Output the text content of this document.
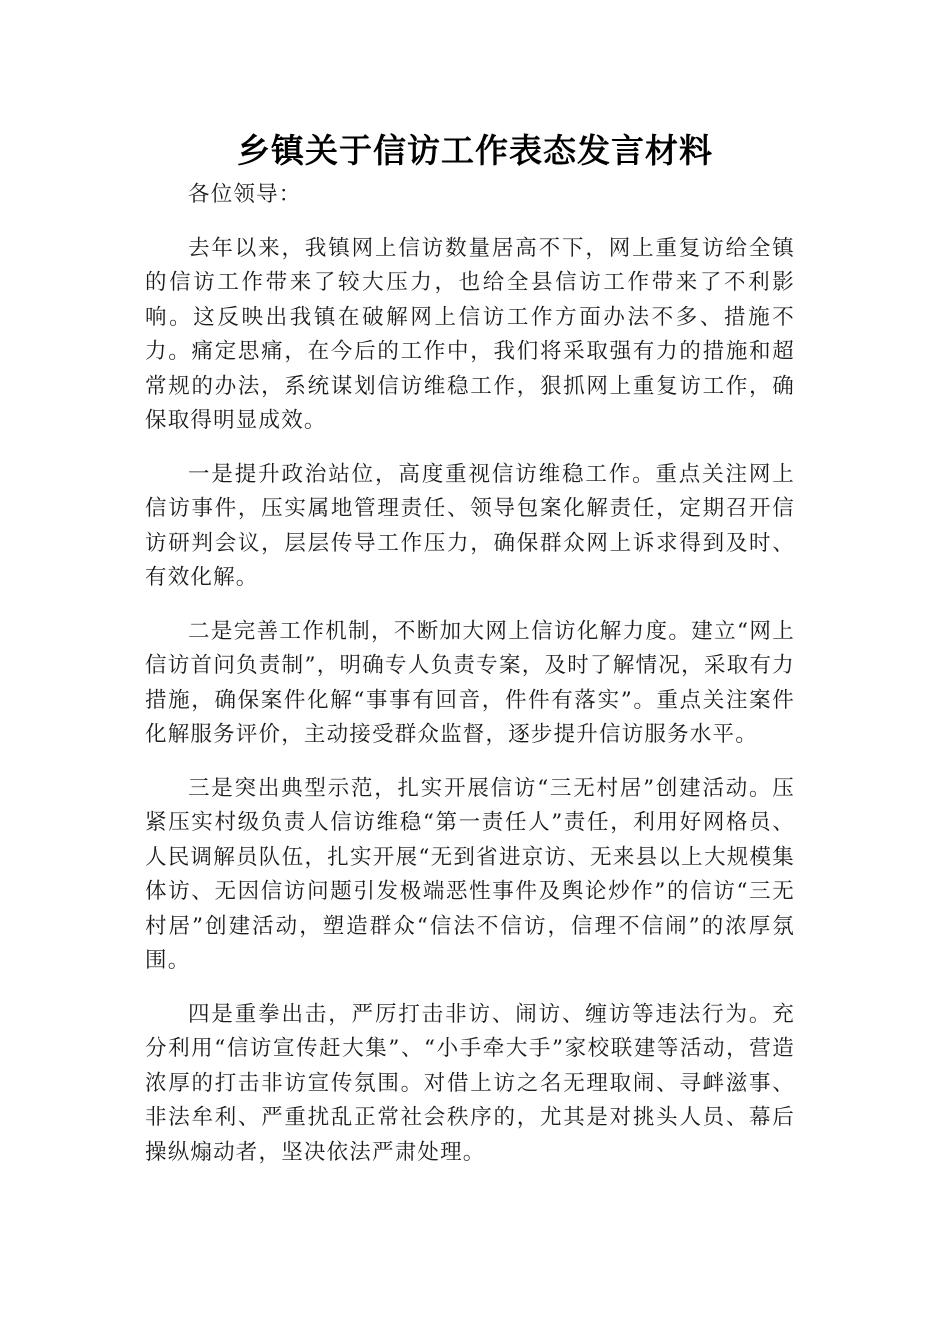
乡镇关于信访工作表态发言材料

各位领导：

去年以来，我镇网上信访数量居高不下，网上重复访给全镇的信访工作带来了较大压力，也给全县信访工作带来了不利影响。这反映出我镇在破解网上信访工作方面办法不多、措施不力。痛定思痛，在今后的工作中，我们将采取强有力的措施和超常规的办法，系统谋划信访维稳工作，狠抓网上重复访工作，确保取得明显成效。

一是提升政治站位，高度重视信访维稳工作。重点关注网上信访事件，压实属地管理责任、领导包案化解责任，定期召开信访研判会议，层层传导工作压力，确保群众网上诉求得到及时、有效化解。

二是完善工作机制，不断加大网上信访化解力度。建立“网上信访首问负责制”，明确专人负责专案，及时了解情况，采取有力措施，确保案件化解“事事有回音，件件有落实”。重点关注案件化解服务评价，主动接受群众监督，逐步提升信访服务水平。

三是突出典型示范，扎实开展信访“三无村居”创建活动。压紧压实村级负责人信访维稳“第一责任人”责任，利用好网格员、人民调解员队伍，扎实开展“无到省进京访、无来县以上大规模集体访、无因信访问题引发极端恶性事件及舆论炒作”的信访“三无村居”创建活动，塑造群众“信法不信访，信理不信闹”的浓厚氛围。

四是重拳出击，严厉打击非访、闹访、缠访等违法行为。充分利用“信访宣传赶大集”、“小手牵大手”家校联建等活动，营造浓厚的打击非访宣传氛围。对借上访之名无理取闹、寻衅滋事、非法牟利、严重扰乱正常社会秩序的，尤其是对挑头人员、幕后操纵煽动者，坚决依法严肃处理。
